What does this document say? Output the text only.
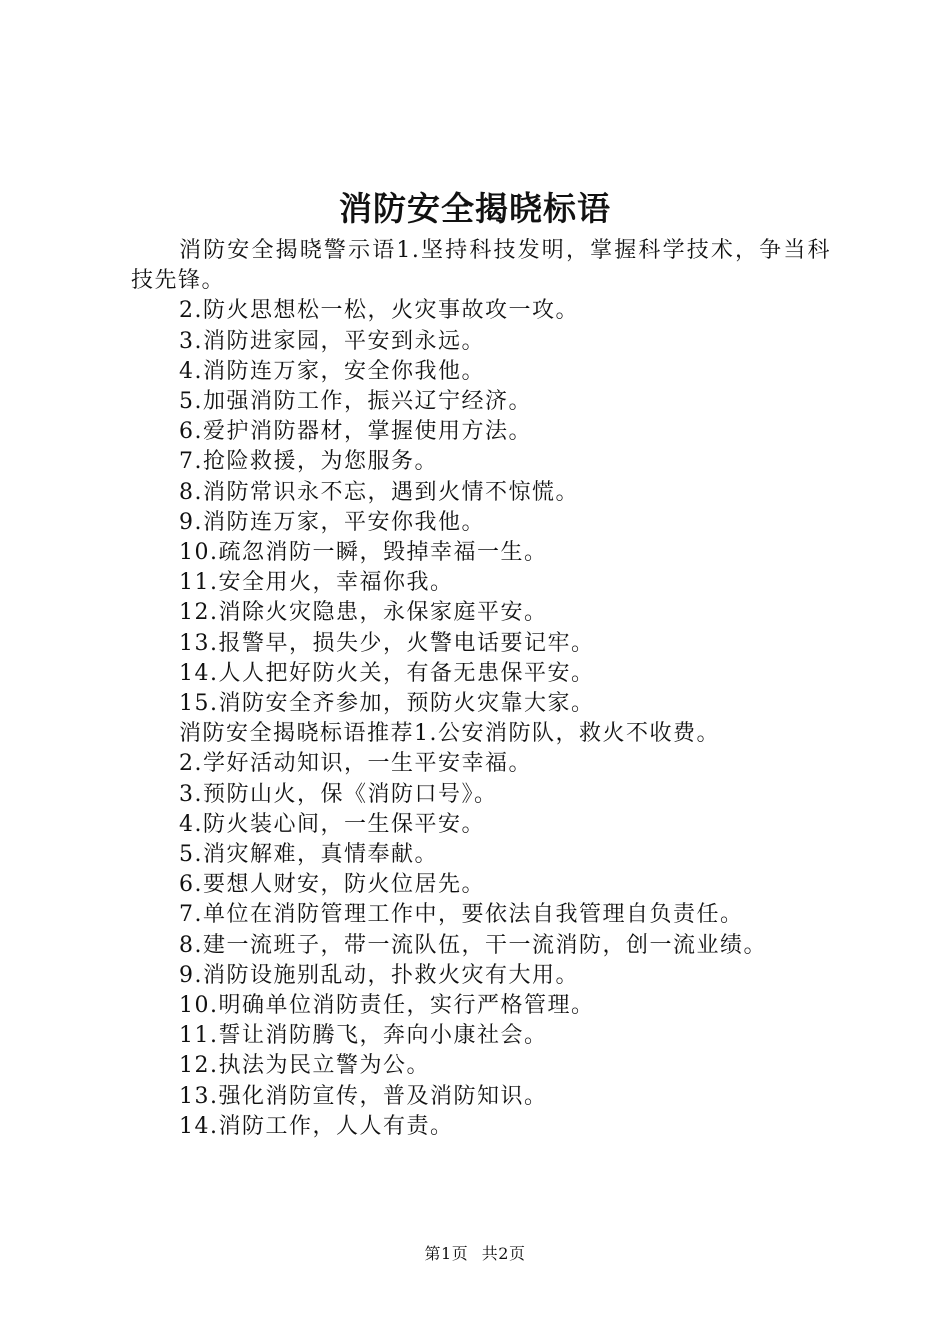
消防安全揭晓标语

消防安全揭晓警示语1.坚持科技发明，掌握科学技术，争当科技先锋。

2.防火思想松一松，火灾事故攻一攻。

3.消防进家园，平安到永远。

4.消防连万家，安全你我他。

5.加强消防工作，振兴辽宁经济。

6.爱护消防器材，掌握使用方法。

7.抢险救援，为您服务。

8.消防常识永不忘，遇到火情不惊慌。

9.消防连万家，平安你我他。

10.疏忽消防一瞬，毁掉幸福一生。

11.安全用火，幸福你我。

12.消除火灾隐患，永保家庭平安。

13.报警早，损失少，火警电话要记牢。

14.人人把好防火关，有备无患保平安。

15.消防安全齐参加，预防火灾靠大家。

消防安全揭晓标语推荐1.公安消防队，救火不收费。

2.学好活动知识，一生平安幸福。

3.预防山火，保《消防口号》。

4.防火装心间，一生保平安。

5.消灾解难，真情奉献。

6.要想人财安，防火位居先。

7.单位在消防管理工作中，要依法自我管理自负责任。

8.建一流班子，带一流队伍，干一流消防，创一流业绩。

9.消防设施别乱动，扑救火灾有大用。

10.明确单位消防责任，实行严格管理。

11.誓让消防腾飞，奔向小康社会。

12.执法为民立警为公。

13.强化消防宣传，普及消防知识。

14.消防工作，人人有责。

第1页 共2页
